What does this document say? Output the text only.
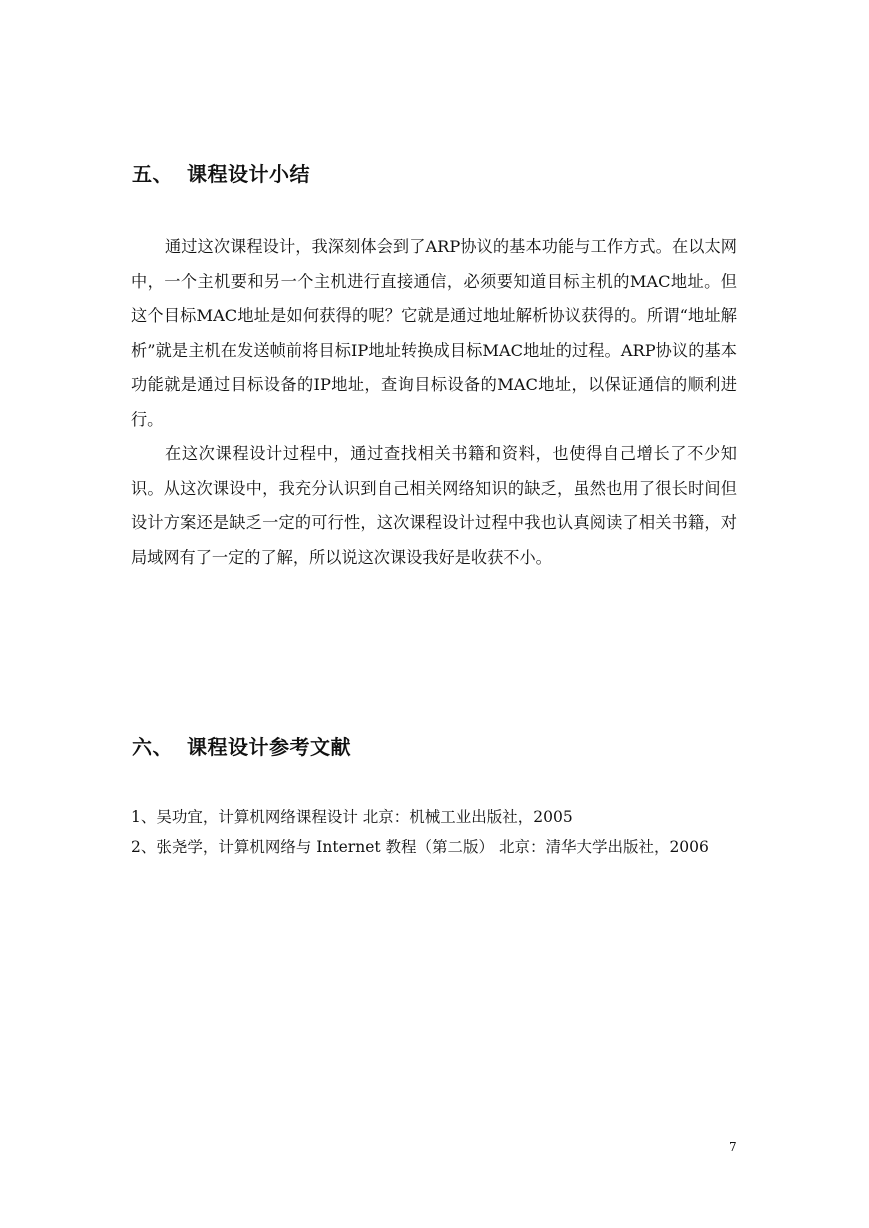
五、 课程设计小结

通过这次课程设计，我深刻体会到了ARP协议的基本功能与工作方式。在以太网中，一个主机要和另一个主机进行直接通信，必须要知道目标主机的MAC地址。但这个目标MAC地址是如何获得的呢？它就是通过地址解析协议获得的。所谓“地址解析”就是主机在发送帧前将目标IP地址转换成目标MAC地址的过程。ARP协议的基本功能就是通过目标设备的IP地址，查询目标设备的MAC地址，以保证通信的顺利进行。

在这次课程设计过程中，通过查找相关书籍和资料，也使得自己增长了不少知识。从这次课设中，我充分认识到自己相关网络知识的缺乏，虽然也用了很长时间但设计方案还是缺乏一定的可行性，这次课程设计过程中我也认真阅读了相关书籍，对局域网有了一定的了解，所以说这次课设我好是收获不小。

六、 课程设计参考文献
1、吴功宜，计算机网络课程设计 北京：机械工业出版社，2005
2、张尧学，计算机网络与 Internet 教程（第二版） 北京：清华大学出版社，2006
7
